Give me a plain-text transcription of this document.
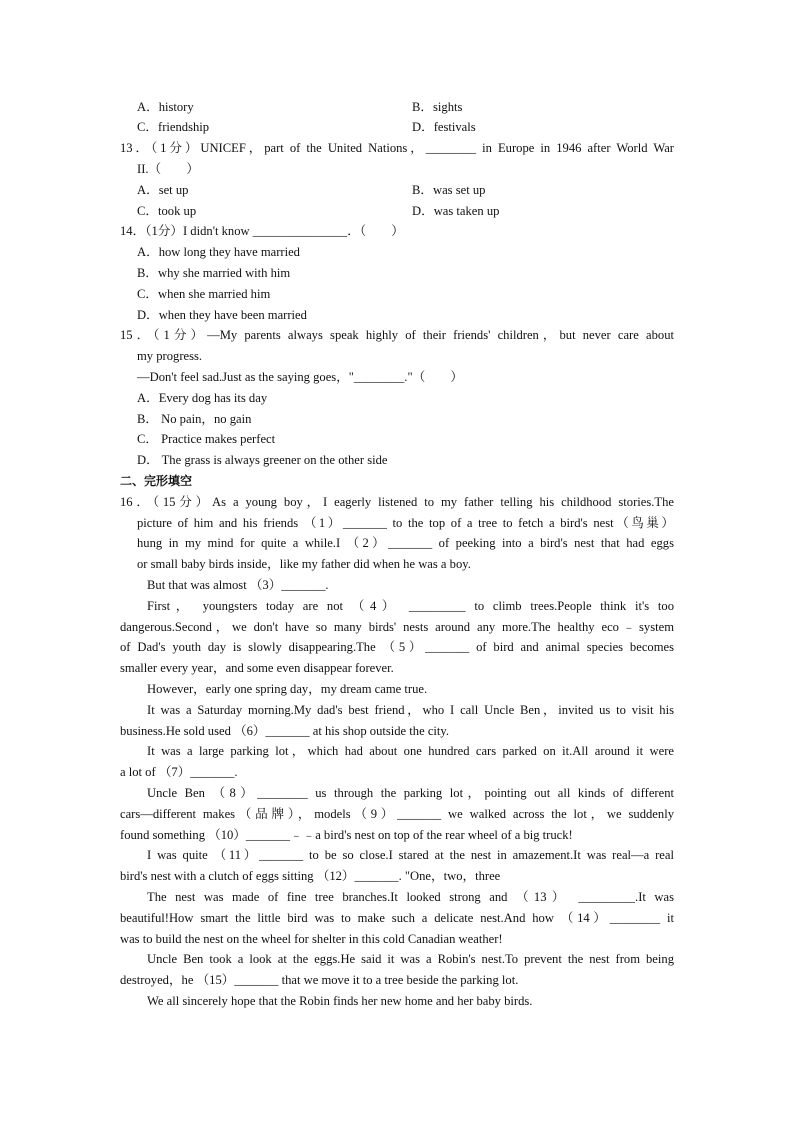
A．history	B．sights
C．friendship	D．festivals
13．（1分）UNICEF，part of the United Nations，________ in Europe in 1946 after World War
II.（　　）
A．set up	B．was set up
C．took up	D．was taken up
14．（1分）I didn't know _______________．（　　）
A．how long they have married
B．why she married with him
C．when she married him
D．when they have been married
15．（1分）—My parents always speak highly of their friends' children，but never care about
my progress.
—Don't feel sad.Just as the saying goes，"________."（　　）
A．Every dog has its day
B． No pain，no gain
C． Practice makes perfect
D． The grass is always greener on the other side
二、完形填空
16．（15分）As a young boy，I eagerly listened to my father telling his childhood stories.The
picture of him and his friends （1）_______ to the top of a tree to fetch a bird's nest（鸟巢）
hung in my mind for quite a while.I （2）_______ of peeking into a bird's nest that had eggs
or small baby birds inside，like my father did when he was a boy.
But that was almost （3）_______.
First， youngsters today are not （4） _________ to climb trees.People think it's too
dangerous.Second，we don't have so many birds' nests around any more.The healthy eco﹣system
of Dad's youth day is slowly disappearing.The （5）_______ of bird and animal species becomes
smaller every year，and some even disappear forever.
However，early one spring day，my dream came true.
It was a Saturday morning.My dad's best friend，who I call Uncle Ben，invited us to visit his
business.He sold used （6）_______ at his shop outside the city.
It was a large parking lot，which had about one hundred cars parked on it.All around it were
a lot of （7）_______.
Uncle Ben （8）________ us through the parking lot，pointing out all kinds of different
cars—different makes（品牌），models（9）_______ we walked across the lot，we suddenly
found something （10）_______﹣﹣a bird's nest on top of the rear wheel of a big truck!
I was quite （11）_______ to be so close.I stared at the nest in amazement.It was real—a real
bird's nest with a clutch of eggs sitting （12）_______. "One，two，three
The nest was made of fine tree branches.It looked strong and （13） _________.It was
beautiful!How smart the little bird was to make such a delicate nest.And how （14）________ it
was to build the nest on the wheel for shelter in this cold Canadian weather!
Uncle Ben took a look at the eggs.He said it was a Robin's nest.To prevent the nest from being
destroyed，he （15）_______ that we move it to a tree beside the parking lot.
We all sincerely hope that the Robin finds her new home and her baby birds.
